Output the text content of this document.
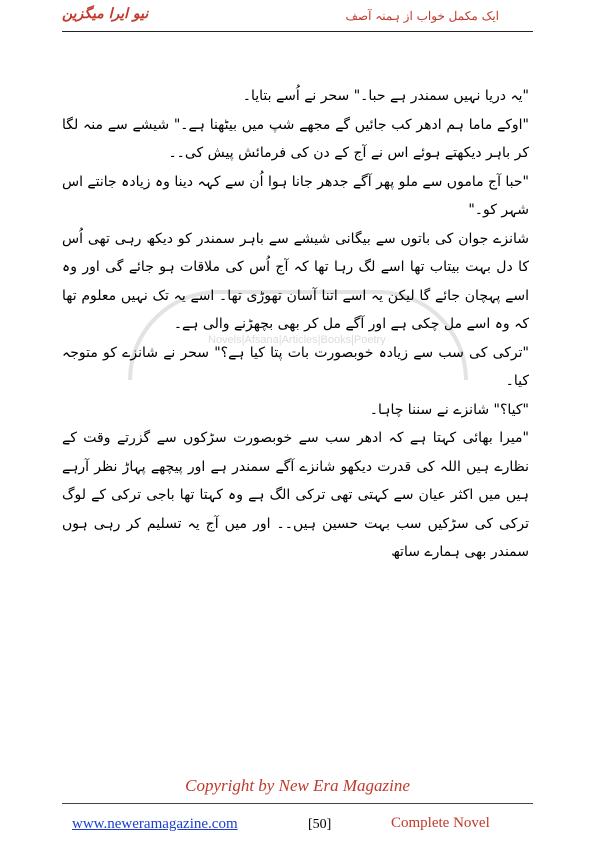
نیو ایرا میگزین	ایک مکمل خواب از ہمنہ آصف
Novels|Afsana|Articles|Books|Poetry

"یہ دریا نہیں سمندر ہے حبا۔" سحر نے اُسے بتایا۔

"اوکے ماما ہم ادھر کب جائیں گے مجھے شپ میں بیٹھنا ہے۔" شیشے سے منہ لگا کر باہر دیکھتے ہوئے اس نے آج کے دن کی فرمائش پیش کی۔۔

"حبا آج ماموں سے ملو پھر آگے جدھر جانا ہوا اُن سے کہہ دینا وہ زیادہ جانتے اس شہر کو۔"

شانزے جوان کی باتوں سے بیگانی شیشے سے باہر سمندر کو دیکھ رہی تھی اُس کا دل بہت بیتاب تھا اسے لگ رہا تھا کہ آج اُس کی ملاقات ہو جائے گی اور وہ اسے پہچان جائے گا لیکن یہ اسے اتنا آسان تھوڑی تھا۔ اسے یہ تک نہیں معلوم تھا کہ وہ اسے مل چکی ہے اور آگے مل کر بھی بچھڑنے والی ہے۔

"ترکی کی سب سے زیادہ خوبصورت بات پتا کیا ہے؟" سحر نے شانزے کو متوجہ کیا۔

"کیا؟" شانزے نے سننا چاہا۔

"میرا بھائی کہتا ہے کہ ادھر سب سے خوبصورت سڑکوں سے گزرتے وقت کے نظارے ہیں اللہ کی قدرت دیکھو شانزے آگے سمندر ہے اور پیچھے پہاڑ نظر آرہے ہیں میں اکثر عیان سے کہتی تھی ترکی الگ ہے وہ کہتا تھا باجی ترکی کے لوگ ترکی کی سڑکیں سب بہت حسین ہیں۔۔ اور میں آج یہ تسلیم کر رہی ہوں سمندر بھی ہمارے ساتھ

Copyright by New Era Magazine
www.neweramagazine.com	[50]	Complete Novel
